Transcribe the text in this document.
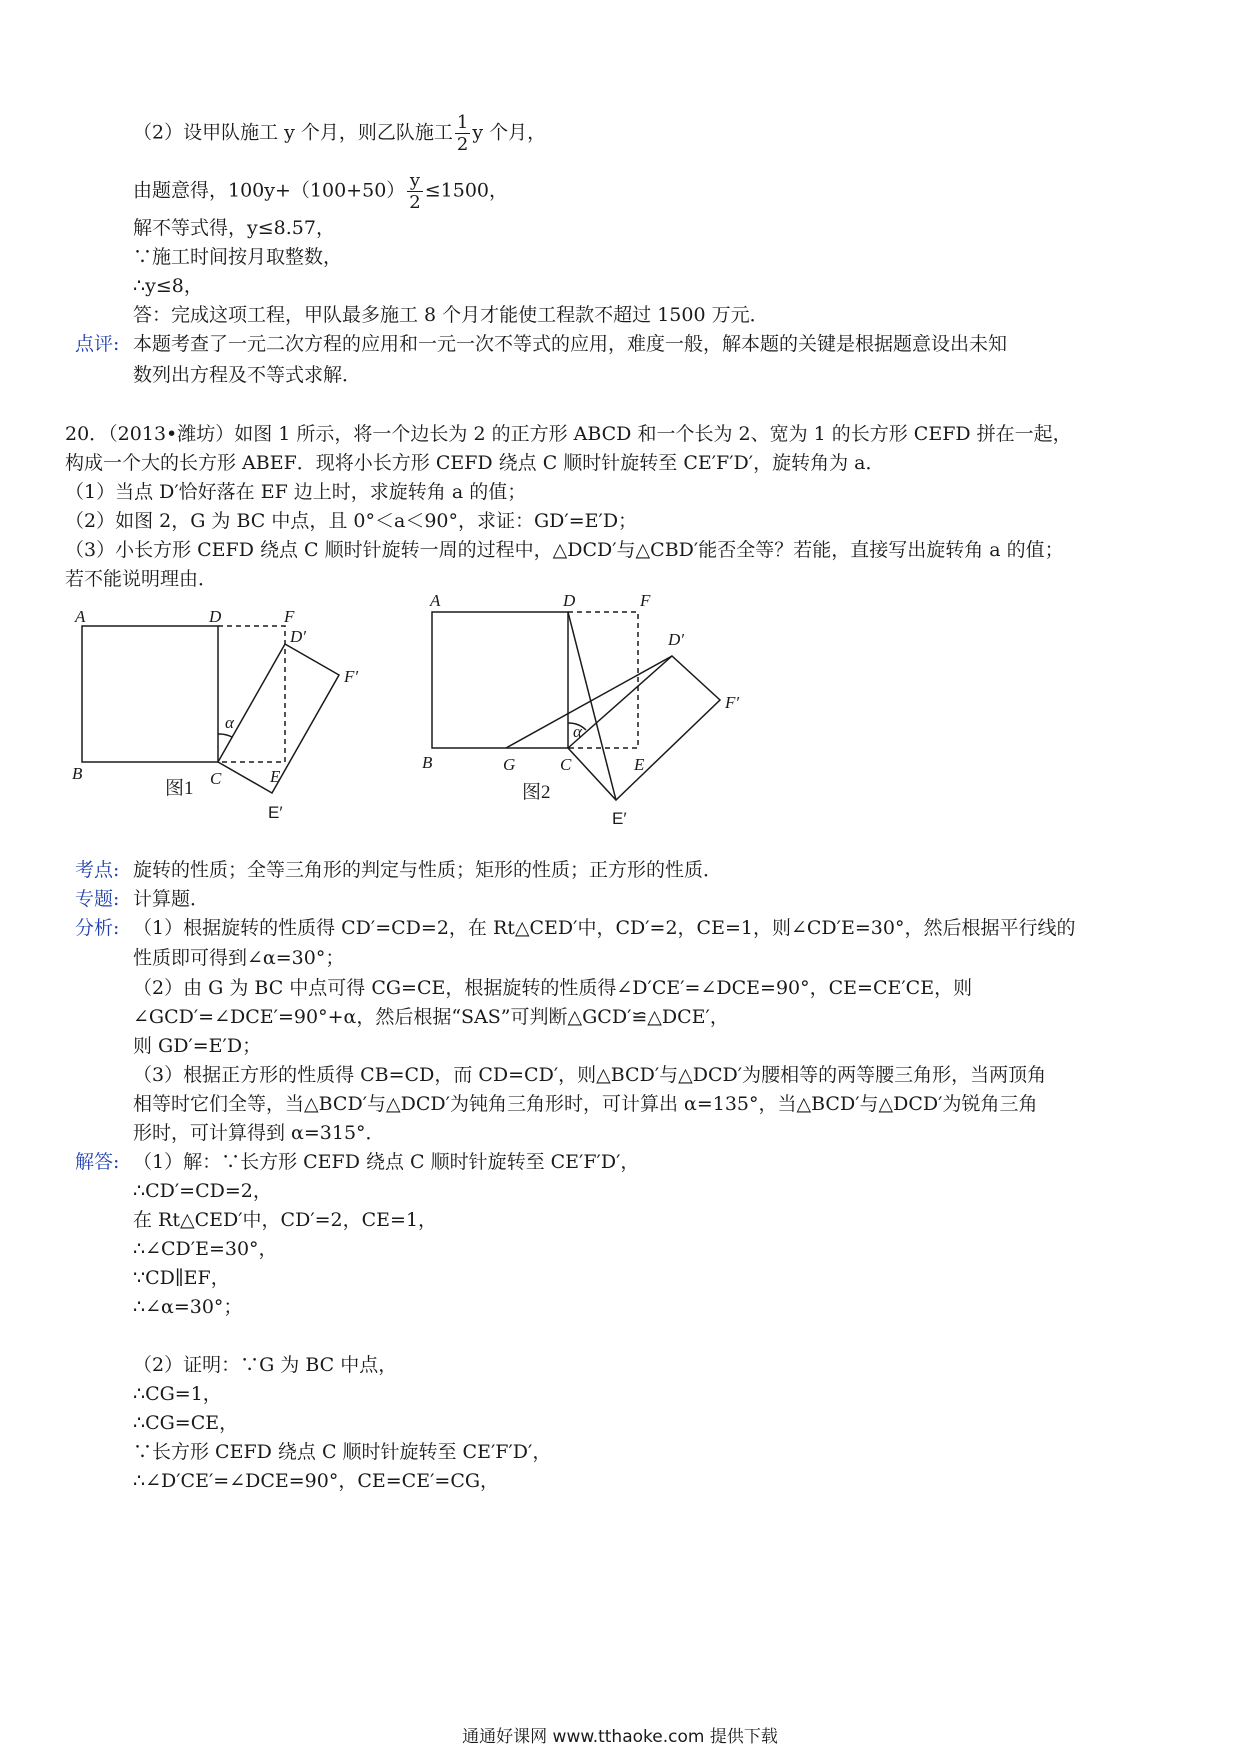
（2）设甲队施工 y 个月，则乙队施工 $\frac{1}{2}$ y 个月，
由题意得，$100y+(100+50) \frac{y}{2} \le 1500$，
解不等式得，y≤8.57，
∵施工时间按月取整数，
∴y≤8，
答：完成这项工程，甲队最多施工 8 个月才能使工程款不超过 1500 万元．
点评: 本题考查了一元二次方程的应用和一元一次不等式的应用，难度一般，解本题的关键是根据题意设出未知
数列出方程及不等式求解．
20．（2013•潍坊）如图 1 所示，将一个边长为 2 的正方形 ABCD 和一个长为 2、宽为 1 的长方形 CEFD 拼在一起，
构成一个大的长方形 ABEF．现将小长方形 CEFD 绕点 C 顺时针旋转至 CE′F′D′，旋转角为 a．
（1）当点 D′恰好落在 EF 边上时，求旋转角 a 的值；
（2）如图 2，G 为 BC 中点，且 0°＜a＜90°，求证：GD′=E′D；
（3）小长方形 CEFD 绕点 C 顺时针旋转一周的过程中，△DCD′与△CBD′能否全等？若能，直接写出旋转角 a 的值；
若不能说明理由．
A
B	C
D	F
D′
F′
E
E′
α
图1
A
B	G	C
D	F
D′
F′
E
E′
α
图2
考点: 旋转的性质；全等三角形的判定与性质；矩形的性质；正方形的性质．
专题: 计算题．
分析: （1）根据旋转的性质得 CD′=CD=2，在 Rt△CED′中，CD′=2，CE=1，则∠CD′E=30°，然后根据平行线的
性质即可得到∠α=30°；
（2）由 G 为 BC 中点可得 CG=CE，根据旋转的性质得∠D′CE′=∠DCE=90°，CE=CE′CE，则
∠GCD′=∠DCE′=90°+α，然后根据“SAS”可判断△GCD′≌△DCE′，
则 GD′=E′D；
（3）根据正方形的性质得 CB=CD，而 CD=CD′，则△BCD′与△DCD′为腰相等的两等腰三角形，当两顶角
相等时它们全等，当△BCD′与△DCD′为钝角三角形时，可计算出 α=135°，当△BCD′与△DCD′为锐角三角
形时，可计算得到 α=315°．
解答: （1）解：∵长方形 CEFD 绕点 C 顺时针旋转至 CE′F′D′，
∴CD′=CD=2，
在 Rt△CED′中，CD′=2，CE=1，
∴∠CD′E=30°，
∵CD∥EF，
∴∠α=30°；
（2）证明：∵G 为 BC 中点，
∴CG=1，
∴CG=CE，
∵长方形 CEFD 绕点 C 顺时针旋转至 CE′F′D′，
∴∠D′CE′=∠DCE=90°，CE=CE′=CG，
通通好课网 www.tthaoke.com 提供下载
